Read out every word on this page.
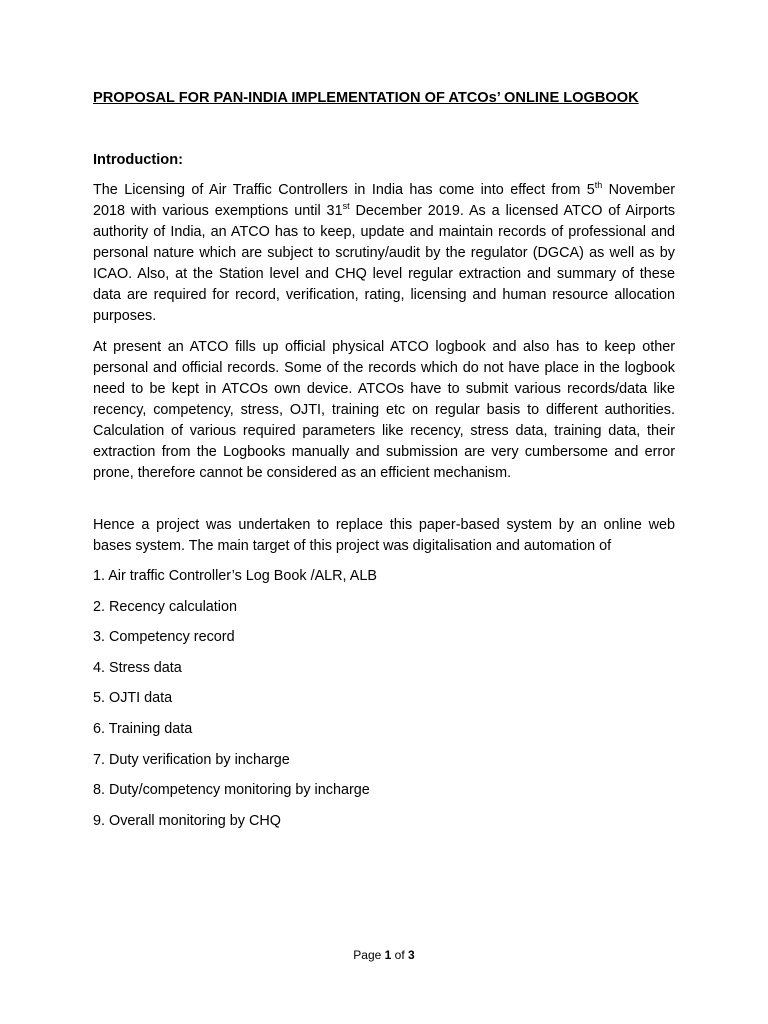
PROPOSAL FOR PAN-INDIA IMPLEMENTATION OF ATCOs’ ONLINE LOGBOOK

Introduction:

The Licensing of Air Traffic Controllers in India has come into effect from 5th November 2018 with various exemptions until 31st December 2019. As a licensed ATCO of Airports authority of India, an ATCO has to keep, update and maintain records of professional and personal nature which are subject to scrutiny/audit by the regulator (DGCA) as well as by ICAO. Also, at the Station level and CHQ level regular extraction and summary of these data are required for record, verification, rating, licensing and human resource allocation purposes.

At present an ATCO fills up official physical ATCO logbook and also has to keep other personal and official records. Some of the records which do not have place in the logbook need to be kept in ATCOs own device. ATCOs have to submit various records/data like recency, competency, stress, OJTI, training etc on regular basis to different authorities. Calculation of various required parameters like recency, stress data, training data, their extraction from the Logbooks manually and submission are very cumbersome and error prone, therefore cannot be considered as an efficient mechanism.

Hence a project was undertaken to replace this paper-based system by an online web bases system. The main target of this project was digitalisation and automation of

1. Air traffic Controller’s Log Book /ALR, ALB
2. Recency calculation
3. Competency record
4. Stress data
5. OJTI data
6. Training data
7. Duty verification by incharge
8. Duty/competency monitoring by incharge
9. Overall monitoring by CHQ
Page 1 of 3
